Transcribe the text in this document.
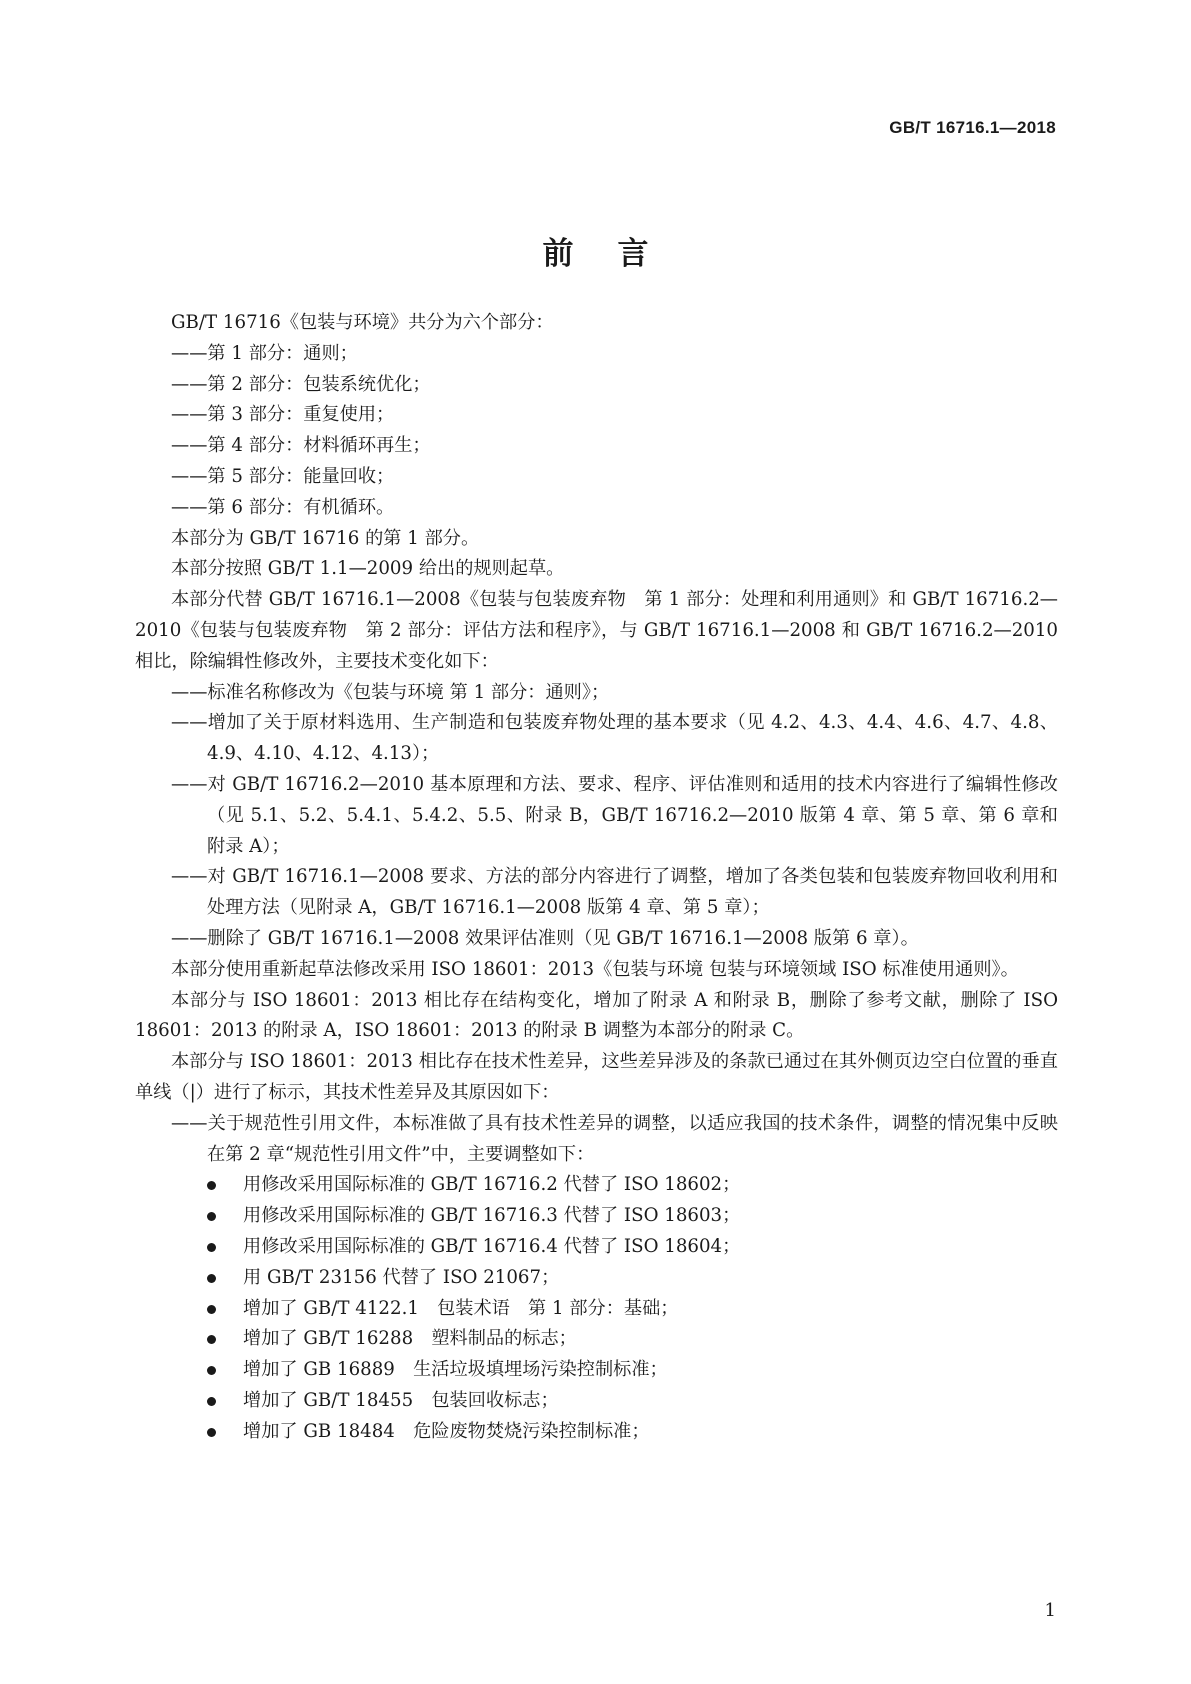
GB/T 16716.1—2018
前言

GB/T 16716《包装与环境》共分为六个部分：

——第 1 部分：通则；

——第 2 部分：包装系统优化；

——第 3 部分：重复使用；

——第 4 部分：材料循环再生；

——第 5 部分：能量回收；

——第 6 部分：有机循环。

本部分为 GB/T 16716 的第 1 部分。

本部分按照 GB/T 1.1—2009 给出的规则起草。

本部分代替 GB/T 16716.1—2008《包装与包装废弃物　第 1 部分：处理和利用通则》和 GB/T 16716.2—2010《包装与包装废弃物　第 2 部分：评估方法和程序》，与 GB/T 16716.1—2008 和 GB/T 16716.2—2010 相比，除编辑性修改外，主要技术变化如下：

——标准名称修改为《包装与环境 第 1 部分：通则》；

——增加了关于原材料选用、生产制造和包装废弃物处理的基本要求（见 4.2、4.3、4.4、4.6、4.7、4.8、4.9、4.10、4.12、4.13）；

——对 GB/T 16716.2—2010 基本原理和方法、要求、程序、评估准则和适用的技术内容进行了编辑性修改（见 5.1、5.2、5.4.1、5.4.2、5.5、附录 B，GB/T 16716.2—2010 版第 4 章、第 5 章、第 6 章和附录 A）；

——对 GB/T 16716.1—2008 要求、方法的部分内容进行了调整，增加了各类包装和包装废弃物回收利用和处理方法（见附录 A，GB/T 16716.1—2008 版第 4 章、第 5 章）；

——删除了 GB/T 16716.1—2008 效果评估准则（见 GB/T 16716.1—2008 版第 6 章）。

本部分使用重新起草法修改采用 ISO 18601：2013《包装与环境 包装与环境领域 ISO 标准使用通则》。

本部分与 ISO 18601：2013 相比存在结构变化，增加了附录 A 和附录 B，删除了参考文献，删除了 ISO 18601：2013 的附录 A，ISO 18601：2013 的附录 B 调整为本部分的附录 C。

本部分与 ISO 18601：2013 相比存在技术性差异，这些差异涉及的条款已通过在其外侧页边空白位置的垂直单线（|）进行了标示，其技术性差异及其原因如下：

——关于规范性引用文件，本标准做了具有技术性差异的调整，以适应我国的技术条件，调整的情况集中反映在第 2 章“规范性引用文件”中，主要调整如下：

用修改采用国际标准的 GB/T 16716.2 代替了 ISO 18602；

用修改采用国际标准的 GB/T 16716.3 代替了 ISO 18603；

用修改采用国际标准的 GB/T 16716.4 代替了 ISO 18604；

用 GB/T 23156 代替了 ISO 21067；

增加了 GB/T 4122.1　包装术语　第 1 部分：基础；

增加了 GB/T 16288　塑料制品的标志；

增加了 GB 16889　生活垃圾填埋场污染控制标准；

增加了 GB/T 18455　包装回收标志；

增加了 GB 18484　危险废物焚烧污染控制标准；

1
